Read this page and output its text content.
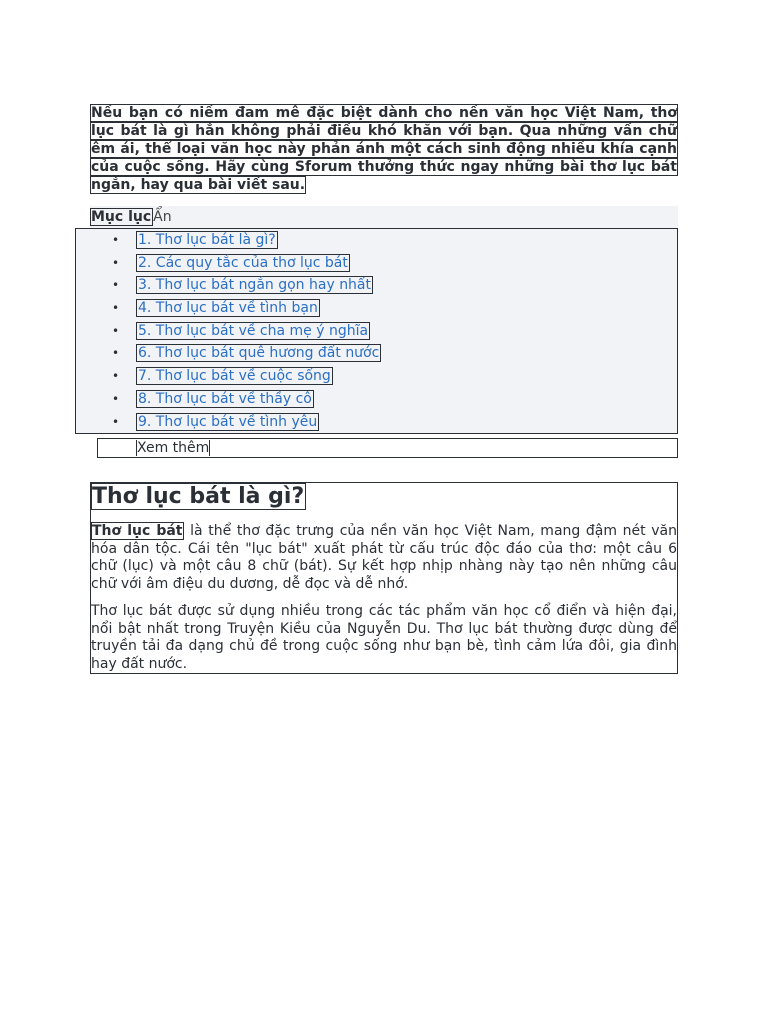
Nếu bạn có niềm đam mê đặc biệt dành cho nền văn học Việt Nam, thơ lục bát là gì hẳn không phải điều khó khăn với bạn. Qua những vần chữ êm ái, thể loại văn học này phản ánh một cách sinh động nhiều khía cạnh của cuộc sống. Hãy cùng Sforum thưởng thức ngay những bài thơ lục bát ngắn, hay qua bài viết sau.

Mục lục Ẩn
• 1. Thơ lục bát là gì?
• 2. Các quy tắc của thơ lục bát
• 3. Thơ lục bát ngắn gọn hay nhất
• 4. Thơ lục bát về tình bạn
• 5. Thơ lục bát về cha mẹ ý nghĩa
• 6. Thơ lục bát quê hương đất nước
• 7. Thơ lục bát về cuộc sống
• 8. Thơ lục bát về thầy cô
• 9. Thơ lục bát về tình yêu
Xem thêm
Thơ lục bát là gì?

Thơ lục bát là thể thơ đặc trưng của nền văn học Việt Nam, mang đậm nét văn hóa dân tộc. Cái tên "lục bát" xuất phát từ cấu trúc độc đáo của thơ: một câu 6 chữ (lục) và một câu 8 chữ (bát). Sự kết hợp nhịp nhàng này tạo nên những câu chữ với âm điệu du dương, dễ đọc và dễ nhớ.

Thơ lục bát được sử dụng nhiều trong các tác phẩm văn học cổ điển và hiện đại, nổi bật nhất trong Truyện Kiều của Nguyễn Du. Thơ lục bát thường được dùng để truyền tải đa dạng chủ đề trong cuộc sống như bạn bè, tình cảm lứa đôi, gia đình hay đất nước.
